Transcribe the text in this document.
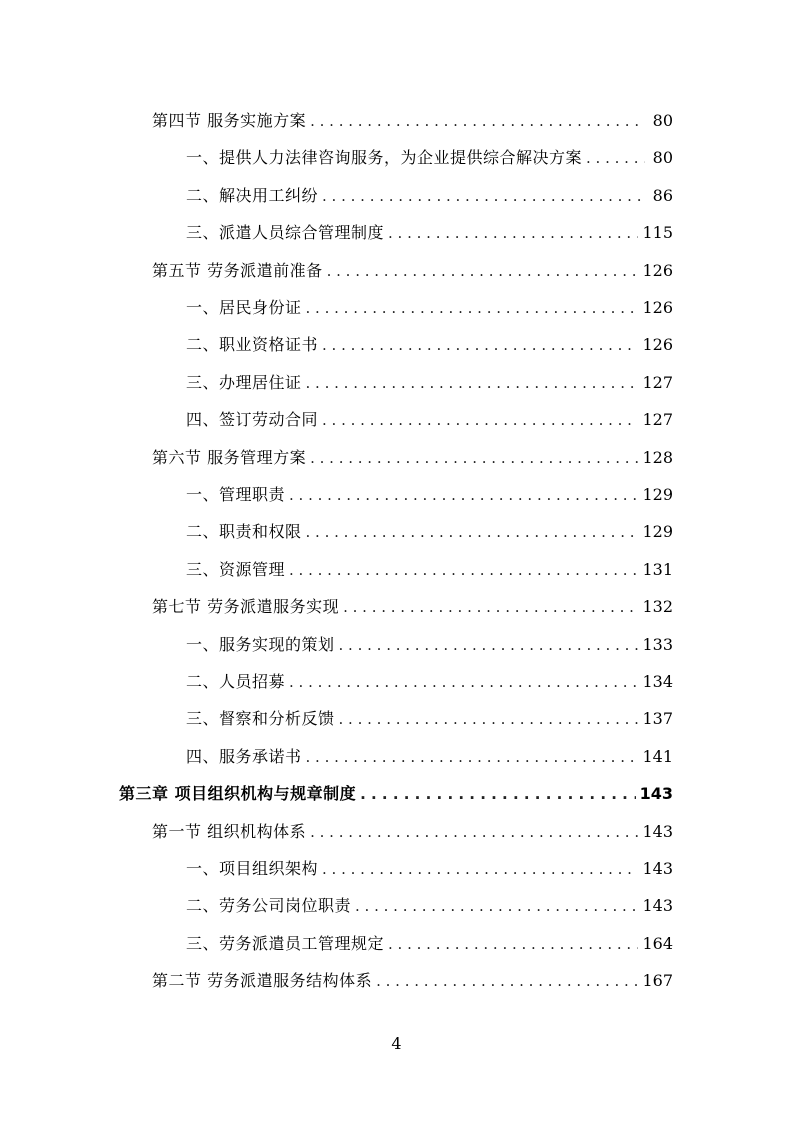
第四节 服务实施方案 . . .	80
一、提供人力法律咨询服务，为企业提供综合解决方案 . . .	80
二、解决用工纠纷 . . .	86
三、派遣人员综合管理制度 . . .	115
第五节 劳务派遣前准备 . . .	126
一、居民身份证 . . .	126
二、职业资格证书 . . .	126
三、办理居住证 . . .	127
四、签订劳动合同 . . .	127
第六节 服务管理方案 . . .	128
一、管理职责 . . .	129
二、职责和权限 . . .	129
三、资源管理 . . .	131
第七节 劳务派遣服务实现 . . .	132
一、服务实现的策划 . . .	133
二、人员招募 . . .	134
三、督察和分析反馈 . . .	137
四、服务承诺书 . . .	141
第三章 项目组织机构与规章制度 . . .	143
第一节 组织机构体系 . . .	143
一、项目组织架构 . . .	143
二、劳务公司岗位职责 . . .	143
三、劳务派遣员工管理规定 . . .	164
第二节 劳务派遣服务结构体系 . . .	167
4
